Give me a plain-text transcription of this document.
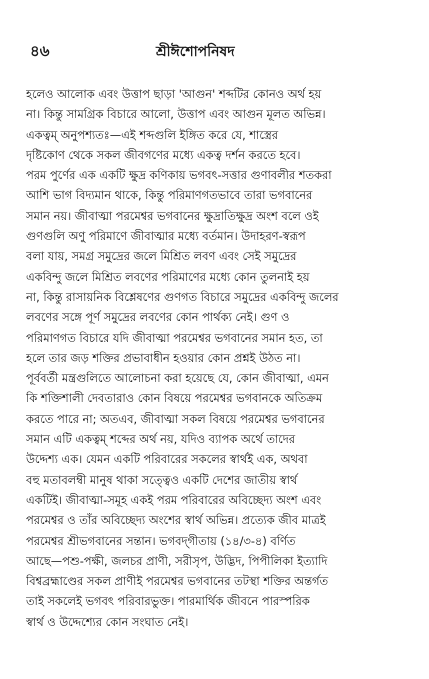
৪৬	শ্রীঈশোপনিষদ

হলেও আলোক এবং উত্তাপ ছাড়া 'আগুন' শব্দটির কোনও অর্থ হয়
না। কিন্তু সামগ্রিক বিচারে আলো, উত্তাপ এবং আগুন মূলত অভিন্ন।
একত্বম্‌ অনুপশ্যতঃ—এই শব্দগুলি ইঙ্গিত করে যে, শাস্ত্রের
দৃষ্টিকোণ থেকে সকল জীবগণের মধ্যে একত্ব দর্শন করতে হবে।
পরম পুর্ণের এক একটি ক্ষুদ্র কণিকায় ভগবৎ-সত্তার গুণাবলীর শতকরা
আশি ভাগ বিদ্যমান থাকে, কিন্তু পরিমাণগতভাবে তারা ভগবানের
সমান নয়। জীবাত্মা পরমেশ্বর ভগবানের ক্ষুদ্রাতিক্ষুদ্র অংশ বলে ওই
গুণগুলি অণু পরিমাণে জীবাত্মার মধ্যে বর্তমান। উদাহরণ-স্বরূপ
বলা যায়, সমগ্র সমুদ্রের জলে মিশ্রিত লবণ এবং সেই সমুদ্রের
একবিন্দু জলে মিশ্রিত লবণের পরিমাণের মধ্যে কোন তুলনাই হয়
না, কিন্তু রাসায়নিক বিশ্লেষণের গুণগত বিচারে সমুদ্রের একবিন্দু জলের
লবণের সঙ্গে পূর্ণ সমুদ্রের লবণের কোন পার্থক্য নেই। গুণ ও
পরিমাণগত বিচারে যদি জীবাত্মা পরমেশ্বর ভগবানের সমান হত, তা
হলে তার জড় শক্তির প্রভাবাধীন হওয়ার কোন প্রশ্নই উঠত না।
পূর্ববর্তী মন্ত্রগুলিতে আলোচনা করা হয়েছে যে, কোন জীবাত্মা, এমন
কি শক্তিশালী দেবতারাও কোন বিষয়ে পরমেশ্বর ভগবানকে অতিক্রম
করতে পারে না; অতএব, জীবাত্মা সকল বিষয়ে পরমেশ্বর ভগবানের
সমান এটি একত্বম্‌ শব্দের অর্থ নয়, যদিও ব্যাপক অর্থে তাদের
উদ্দেশ্য এক। যেমন একটি পরিবারের সকলের স্বার্থই এক, অথবা
বহু মতাবলম্বী মানুষ থাকা সত্ত্বেও একটি দেশের জাতীয় স্বার্থ
একটিই। জীবাত্মা-সমূহ একই পরম পরিবারের অবিচ্ছেদ্য অংশ এবং
পরমেশ্বর ও তাঁর অবিচ্ছেদ্য অংশের স্বার্থ অভিন্ন। প্রত্যেক জীব মাত্রই
পরমেশ্বর শ্রীভগবানের সন্তান। ভগবদ্‌গীতায় (১৪/৩-৪) বর্ণিত
আছে—পশু-পক্ষী, জলচর প্রাণী, সরীসৃপ, উদ্ভিদ, পিপীলিকা ইত্যাদি
বিশ্বব্রহ্মাণ্ডের সকল প্রাণীই পরমেশ্বর ভগবানের তটস্থা শক্তির অন্তর্গত
তাই সকলেই ভগবৎ পরিবারভুক্ত। পারমার্থিক জীবনে পারস্পরিক
স্বার্থ ও উদ্দেশ্যের কোন সংঘাত নেই।
